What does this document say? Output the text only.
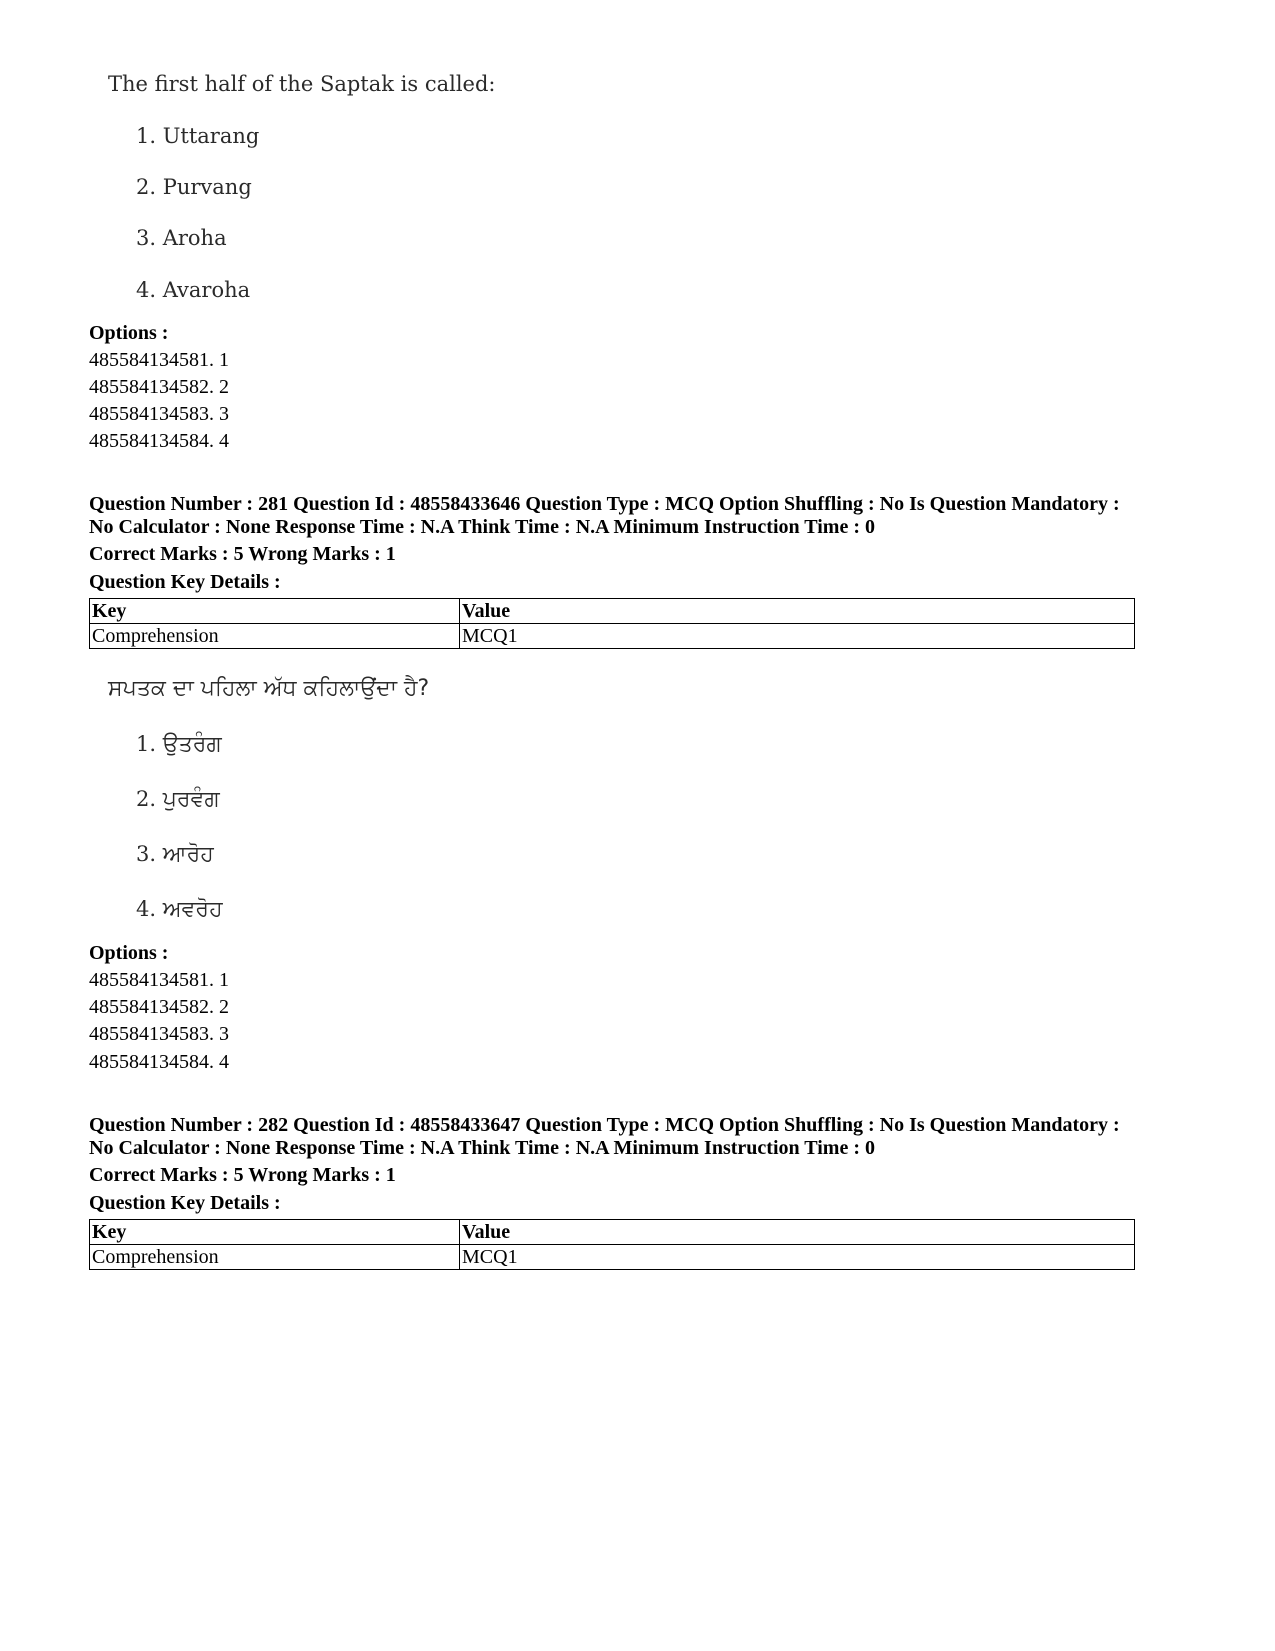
The first half of the Saptak is called:
1. Uttarang
2. Purvang
3. Aroha
4. Avaroha
Options :
485584134581. 1
485584134582. 2
485584134583. 3
485584134584. 4
Question Number : 281 Question Id : 48558433646 Question Type : MCQ Option Shuffling : No Is Question Mandatory :
No Calculator : None Response Time : N.A Think Time : N.A Minimum Instruction Time : 0
Correct Marks : 5 Wrong Marks : 1
Question Key Details :
Key	Value
Comprehension	MCQ1
ਸਪਤਕ ਦਾ ਪਹਿਲਾ ਅੱਧ ਕਹਿਲਾਉਂਦਾ ਹੈ?
1. ਉਤਰੰਗ
2. ਪੁਰਵੰਗ
3. ਆਰੋਹ
4. ਅਵਰੋਹ
Options :
485584134581. 1
485584134582. 2
485584134583. 3
485584134584. 4
Question Number : 282 Question Id : 48558433647 Question Type : MCQ Option Shuffling : No Is Question Mandatory :
No Calculator : None Response Time : N.A Think Time : N.A Minimum Instruction Time : 0
Correct Marks : 5 Wrong Marks : 1
Question Key Details :
Key	Value
Comprehension	MCQ1
